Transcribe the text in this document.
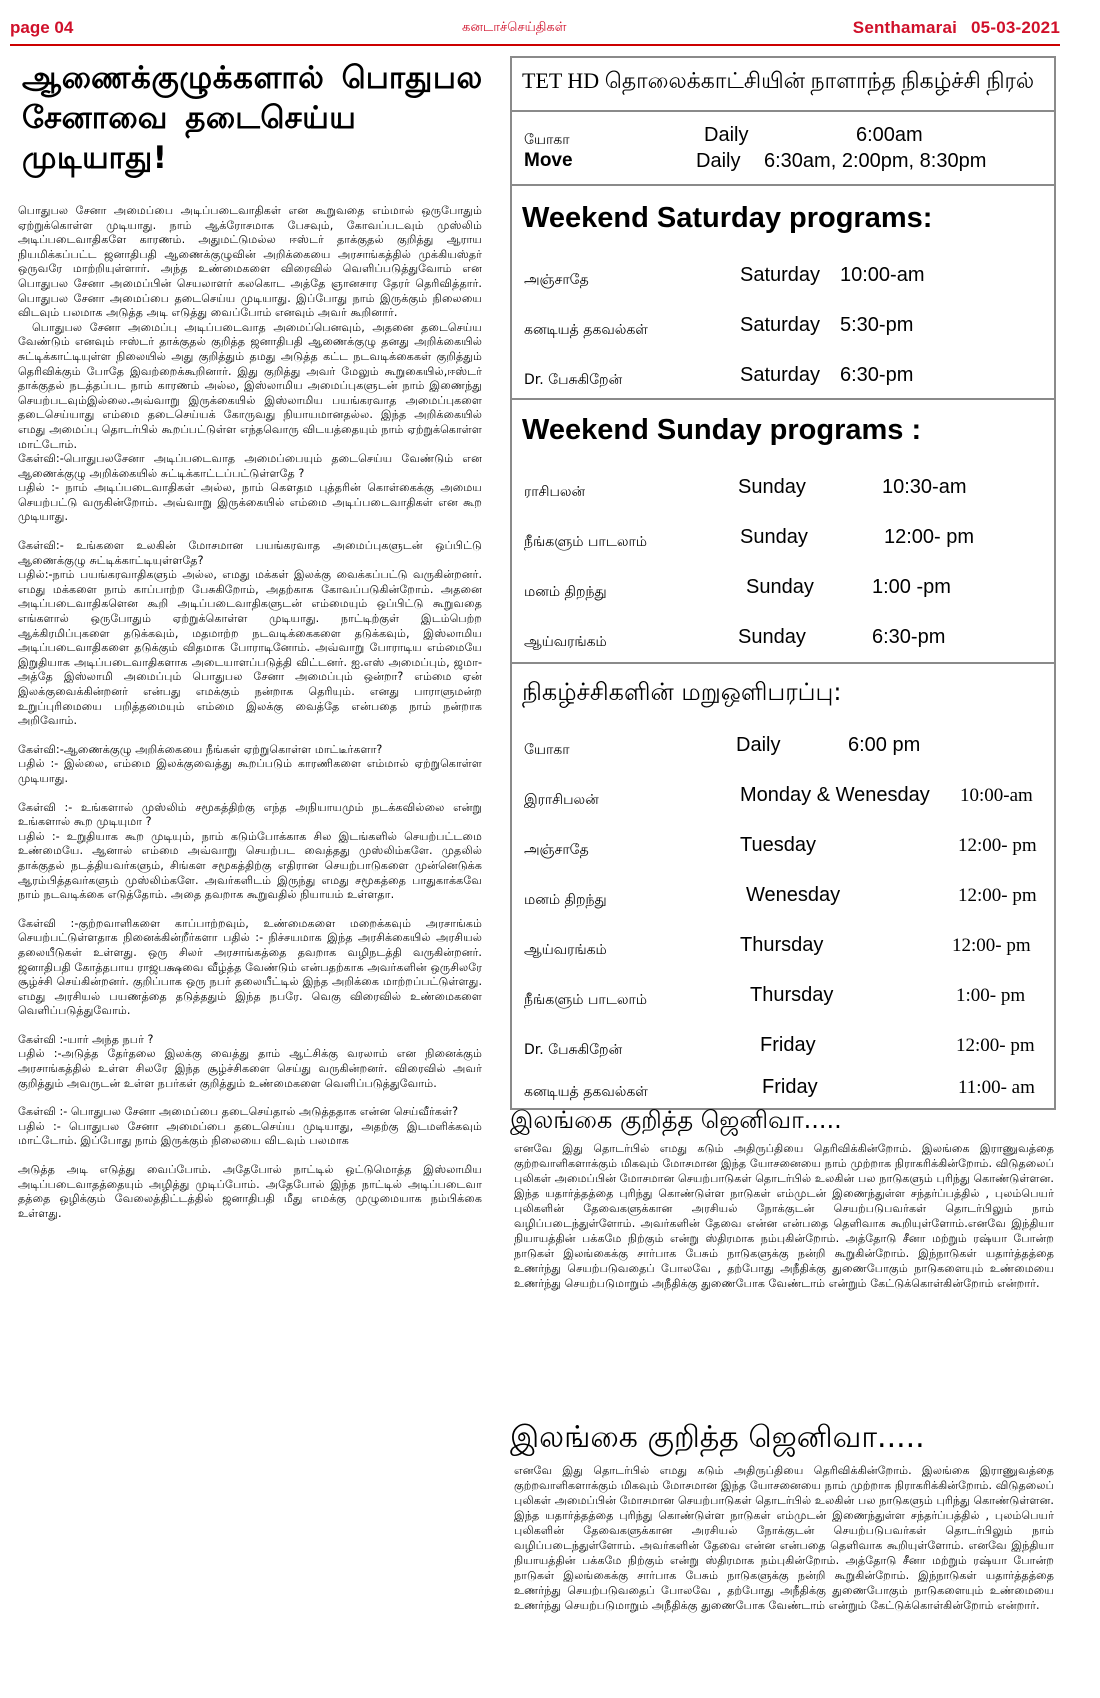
page 04	கனடாச்செய்திகள்	Senthamarai 05-03-2021
ஆணைக்குழுக்களால் பொதுபல
சேனாவை தடைசெய்ய முடியாது!

பொதுபல சேனா அமைப்பை அடிப்படைவாதிகள் என கூறுவதை எம்மால் ஒருபோதும் ஏற்றுக்கொள்ள முடியாது. நாம் ஆக்ரோசமாக பேசவும், கோவப்படவும் முஸ்லிம் அடிப்படைவாதிகளே காரணம். அதுமட்டுமல்ல ஈஸ்டர் தாக்குதல் குறித்து ஆராய நியமிக்கப்பட்ட ஜனாதிபதி ஆணைக்குழுவின் அறிக்கையை அரசாங்கத்தில் முக்கியஸ்தர் ஒருவரே மாற்றியுள்ளார். அந்த உண்மைகளை விரைவில் வெளிப்படுத்துவோம் என பொதுபல சேனா அமைப்பின் செயலாளர் கலகொட அத்தே ஞானசார தேரர் தெரிவித்தார். பொதுபல சேனா அமைப்பை தடைசெய்ய முடியாது. இப்போது நாம் இருக்கும் நிலையை விடவும் பலமாக அடுத்த அடி எடுத்து வைப்போம் எனவும் அவர் கூறினார்.

பொதுபல சேனா அமைப்பு அடிப்படைவாத அமைப்பெனவும், அதனை தடைசெய்ய வேண்டும் எனவும் ஈஸ்டர் தாக்குதல் குறித்த ஜனாதிபதி ஆணைக்குழு தனது அறிக்கையில் சுட்டிக்காட்டியுள்ள நிலையில் அது குறித்தும் தமது அடுத்த கட்ட நடவடிக்கைகள் குறித்தும் தெரிவிக்கும் போதே இவற்றைக்கூறினார். இது குறித்து அவர் மேலும் கூறுகையில்,ஈஸ்டர் தாக்குதல் நடத்தப்பட நாம் காரணம் அல்ல, இஸ்லாமிய அமைப்புகளுடன் நாம் இணைந்து செயற்படவும்இல்லை.அவ்வாறு இருக்கையில் இஸ்லாமிய பயங்கரவாத அமைப்புகளை தடைசெய்யாது எம்மை தடைசெய்யக் கோருவது நியாயமானதல்ல. இந்த அறிக்கையில் எமது அமைப்பு தொடர்பில் கூறப்பட்டுள்ள எந்தவொரு விடயத்தையும் நாம் ஏற்றுக்கொள்ள மாட்டோம்.

கேள்வி:-பொதுபலசேனா அடிப்படைவாத அமைப்பையும் தடைசெய்ய வேண்டும் என ஆணைக்குழு அறிக்கையில் சுட்டிக்காட்டப்பட்டுள்ளதே ?

பதில் :- நாம் அடிப்படைவாதிகள் அல்ல, நாம் கௌதம புத்தரின் கொள்கைக்கு அமைய செயற்பட்டு வருகின்றோம். அவ்வாறு இருக்கையில் எம்மை அடிப்படைவாதிகள் என கூற முடியாது.

கேள்வி:- உங்களை உலகின் மோசமான பயங்கரவாத அமைப்புகளுடன் ஒப்பிட்டு ஆணைக்குழு சுட்டிக்காட்டியுள்ளதே?

பதில்:-நாம் பயங்கரவாதிகளும் அல்ல, எமது மக்கள் இலக்கு வைக்கப்பட்டு வருகின்றனர். எமது மக்களை நாம் காப்பாற்ற பேசுகிறோம், அதற்காக கோவப்படுகின்றோம். அதனை அடிப்படைவாதிகளென கூறி அடிப்படைவாதிகளுடன் எம்மையும் ஒப்பிட்டு கூறுவதை எங்களால் ஒருபோதும் ஏற்றுக்கொள்ள முடியாது. நாட்டிற்குள் இடம்பெற்ற ஆக்கிரமிப்புகளை தடுக்கவும், மதமாற்ற நடவடிக்கைகளை தடுக்கவும், இஸ்லாமிய அடிப்படைவாதிகளை தடுக்கும் விதமாக போராடினோம். அவ்வாறு போராடிய எம்மையே இறுதியாக அடிப்படைவாதிகளாக அடையாளப்படுத்தி விட்டனர். ஐ.எஸ் அமைப்பும், ஜமா-அத்தே இஸ்லாமி அமைப்பும் பொதுபல சேனா அமைப்பும் ஒன்றா? எம்மை ஏன் இலக்குவைக்கின்றனர் என்பது எமக்கும் நன்றாக தெரியும். எனது பாராளுமன்ற உறுப்புரிமையை பறித்தமையும் எம்மை இலக்கு வைத்தே என்பதை நாம் நன்றாக அறிவோம்.

கேள்வி:-ஆணைக்குழு அறிக்கையை நீங்கள் ஏற்றுகொள்ள மாட்டீர்களா?

பதில் :- இல்லை, எம்மை இலக்குவைத்து கூறப்படும் காரணிகளை எம்மால் ஏற்றுகொள்ள முடியாது.

கேள்வி :- உங்களால் முஸ்லிம் சமூகத்திற்கு எந்த அநியாயமும் நடக்கவில்லை என்று உங்களால் கூற முடியுமா ?

பதில் :- உறுதியாக கூற முடியும், நாம் கடும்போக்காக சில இடங்களில் செயற்பட்டமை உண்மையே. ஆனால் எம்மை அவ்வாறு செயற்பட வைத்தது முஸ்லிம்களே. முதலில் தாக்குதல் நடத்தியவர்களும், சிங்கள சமூகத்திற்கு எதிரான செயற்பாடுகளை முன்னெடுக்க ஆரம்பித்தவர்களும் முஸ்லிம்களே. அவர்களிடம் இருந்து எமது சமூகத்தை பாதுகாக்கவே நாம் நடவடிக்கை எடுத்தோம். அதை தவறாக கூறுவதில் நியாயம் உள்ளதா.

கேள்வி :-குற்றவாளிகளை காப்பாற்றவும், உண்மைகளை மறைக்கவும் அரசாங்கம் செயற்பட்டுள்ளதாக நினைக்கின்றீர்களா பதில் :- நிச்சயமாக இந்த அரசிக்கையில் அரசியல் தலையீடுகள் உள்ளது. ஒரு சிலர் அரசாங்கத்தை தவறாக வழிநடத்தி வருகின்றனர். ஜனாதிபதி கோத்தபாய ராஜபக்ஷவை வீழ்த்த வேண்டும் என்பதற்காக அவர்களின் ஒருசிலரே சூழ்ச்சி செய்கின்றனர். குறிப்பாக ஒரு நபர் தலையீட்டில் இந்த அறிக்கை மாற்றப்பட்டுள்ளது. எமது அரசியல் பயணத்தை தடுத்ததும் இந்த நபரே. வெகு விரைவில் உண்மைகளை வெளிப்படுத்துவோம்.

கேள்வி :-யார் அந்த நபர் ?

பதில் :-அடுத்த தேர்தலை இலக்கு வைத்து தாம் ஆட்சிக்கு வரலாம் என நினைக்கும் அரசாங்கத்தில் உள்ள சிலரே இந்த சூழ்ச்சிகளை செய்து வருகின்றனர். விரைவில் அவர் குறித்தும் அவருடன் உள்ள நபர்கள் குறித்தும் உண்மைகளை வெளிப்படுத்துவோம்.

கேள்வி :- பொதுபல சேனா அமைப்பை தடைசெய்தால் அடுத்ததாக என்ன செய்வீர்கள்?

பதில் :- பொதுபல சேனா அமைப்பை தடைசெய்ய முடியாது, அதற்கு இடமளிக்கவும் மாட்டோம். இப்போது நாம் இருக்கும் நிலையை விடவும் பலமாக

அடுத்த அடி எடுத்து வைப்போம். அதேபோல் நாட்டில் ஒட்டுமொத்த இஸ்லாமிய அடிப்படைவாதத்தையும் அழித்து முடிப்போம். அதேபோல் இந்த நாட்டில் அடிப்படைவா தத்தை ஒழிக்கும் வேலைத்திட்டத்தில் ஜனாதிபதி மீது எமக்கு முழுமையாக நம்பிக்கை உள்ளது.

TET HD தொலைக்காட்சியின் நாளாந்த நிகழ்ச்சி நிரல்
யோகா	Daily	6:00am
Move	Daily 6:30am, 2:00pm, 8:30pm
Weekend Saturday programs:
அஞ்சாதே	Saturday 10:00-am
கனடியத் தகவல்கள்	Saturday 5:30-pm
Dr. பேசுகிறேன்	Saturday 6:30-pm
Weekend Sunday programs :
ராசிபலன்	Sunday	10:30-am
நீங்களும் பாடலாம்	Sunday	12:00- pm
மனம் திறந்து	Sunday	1:00 -pm
ஆய்வரங்கம்	Sunday	6:30-pm
நிகழ்ச்சிகளின் மறுஒளிபரப்பு:
யோகா	Daily	6:00 pm
இராசிபலன்	Monday & Wenesday 10:00-am
அஞ்சாதே	Tuesday	12:00- pm
மனம் திறந்து	Wenesday	12:00- pm
ஆய்வரங்கம்	Thursday	12:00- pm
நீங்களும் பாடலாம்	Thursday	1:00- pm
Dr. பேசுகிறேன்	Friday	12:00- pm
கனடியத் தகவல்கள்	Friday	11:00- am
இலங்கை குறித்த ஜெனிவா.....
எனவே இது தொடர்பில் எமது கடும் அதிருப்தியை தெரிவிக்கின்றோம். இலங்கை இராணுவத்தை குற்றவாளிகளாக்கும் மிகவும் மோசமான இந்த யோசனையை நாம் முற்றாக நிராகரிக்கின்றோம். விடுதலைப் புலிகள் அமைப்பின் மோசமான செயற்பாடுகள் தொடர்பில் உலகின் பல நாடுகளும் புரிந்து கொண்டுள்ளன. இந்த யதார்த்தத்தை புரிந்து கொண்டுள்ள நாடுகள் எம்முடன் இணைந்துள்ள சந்தர்ப்பத்தில் , புலம்பெயர் புலிகளின் தேவைகளுக்கான அரசியல் நோக்குடன் செயற்படுபவர்கள் தொடர்பிலும் நாம் வழிப்படைந்துள்ளோம். அவர்களின் தேவை என்ன என்பதை தெளிவாக கூறியுள்ளோம்.எனவே இந்தியா நியாயத்தின் பக்கமே நிற்கும் என்று ஸ்திரமாக நம்புகின்றோம். அத்தோடு சீனா மற்றும் ரஷ்யா போன்ற நாடுகள் இலங்கைக்கு சார்பாக பேசும் நாடுகளுக்கு நன்றி கூறுகின்றோம். இந்நாடுகள் யதார்த்தத்தை உணர்ந்து செயற்படுவதைப் போலவே , தற்போது அநீதிக்கு துணைபோகும் நாடுகளையும் உண்மையை உணர்ந்து செயற்படுமாறும் அநீதிக்கு துணைபோக வேண்டாம் என்றும் கேட்டுக்கொள்கின்றோம் என்றார்.
இலங்கை குறித்த ஜெனிவா.....
எனவே இது தொடர்பில் எமது கடும் அதிருப்தியை தெரிவிக்கின்றோம். இலங்கை இராணுவத்தை குற்றவாளிகளாக்கும் மிகவும் மோசமான இந்த யோசனையை நாம் முற்றாக நிராகரிக்கின்றோம். விடுதலைப் புலிகள் அமைப்பின் மோசமான செயற்பாடுகள் தொடர்பில் உலகின் பல நாடுகளும் புரிந்து கொண்டுள்ளன. இந்த யதார்த்தத்தை புரிந்து கொண்டுள்ள நாடுகள் எம்முடன் இணைந்துள்ள சந்தர்ப்பத்தில் , புலம்பெயர் புலிகளின் தேவைகளுக்கான அரசியல் நோக்குடன் செயற்படுபவர்கள் தொடர்பிலும் நாம் வழிப்படைந்துள்ளோம். அவர்களின் தேவை என்ன என்பதை தெளிவாக கூறியுள்ளோம். எனவே இந்தியா நியாயத்தின் பக்கமே நிற்கும் என்று ஸ்திரமாக நம்புகின்றோம். அத்தோடு சீனா மற்றும் ரஷ்யா போன்ற நாடுகள் இலங்கைக்கு சார்பாக பேசும் நாடுகளுக்கு நன்றி கூறுகின்றோம். இந்நாடுகள் யதார்த்தத்தை உணர்ந்து செயற்படுவதைப் போலவே , தற்போது அநீதிக்கு துணைபோகும் நாடுகளையும் உண்மையை உணர்ந்து செயற்படுமாறும் அநீதிக்கு துணைபோக வேண்டாம் என்றும் கேட்டுக்கொள்கின்றோம் என்றார்.
